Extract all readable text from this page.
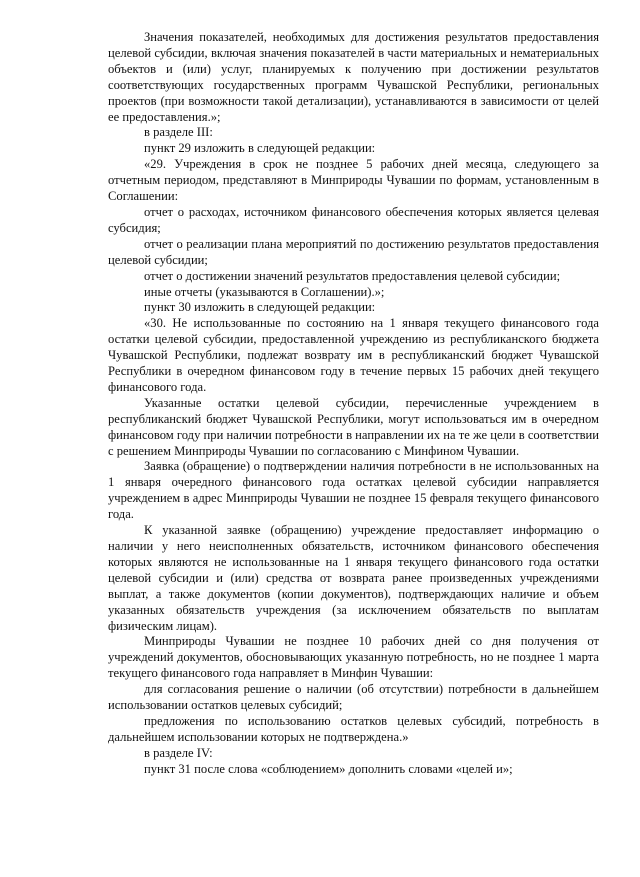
Значения показателей, необходимых для достижения результатов предоставления целевой субсидии, включая значения показателей в части материальных и нематериальных объектов и (или) услуг, планируемых к получению при достижении результатов соответствующих государственных программ Чувашской Республики, региональных проектов (при возможности такой детализации), устанавливаются в зависимости от целей ее предоставления.»;

в разделе III:

пункт 29 изложить в следующей редакции:

«29. Учреждения в срок не позднее 5 рабочих дней месяца, следующего за отчетным периодом, представляют в Минприроды Чувашии по формам, установленным в Соглашении:

отчет о расходах, источником финансового обеспечения которых является целевая субсидия;

отчет о реализации плана мероприятий по достижению результатов предоставления целевой субсидии;

отчет о достижении значений результатов предоставления целевой субсидии;

иные отчеты (указываются в Соглашении).»;

пункт 30 изложить в следующей редакции:

«30. Не использованные по состоянию на 1 января текущего финансового года остатки целевой субсидии, предоставленной учреждению из республиканского бюджета Чувашской Республики, подлежат возврату им в республиканский бюджет Чувашской Республики в очередном финансовом году в течение первых 15 рабочих дней текущего финансового года.

Указанные остатки целевой субсидии, перечисленные учреждением в республиканский бюджет Чувашской Республики, могут использоваться им в очередном финансовом году при наличии потребности в направлении их на те же цели в соответствии с решением Минприроды Чувашии по согласованию с Минфином Чувашии.

Заявка (обращение) о подтверждении наличия потребности в не использованных на 1 января очередного финансового года остатках целевой субсидии направляется учреждением в адрес Минприроды Чувашии не позднее 15 февраля текущего финансового года.

К указанной заявке (обращению) учреждение предоставляет информацию о наличии у него неисполненных обязательств, источником финансового обеспечения которых являются не использованные на 1 января текущего финансового года остатки целевой субсидии и (или) средства от возврата ранее произведенных учреждениями выплат, а также документов (копии документов), подтверждающих наличие и объем указанных обязательств учреждения (за исключением обязательств по выплатам физическим лицам).

Минприроды Чувашии не позднее 10 рабочих дней со дня получения от учреждений документов, обосновывающих указанную потребность, но не позднее 1 марта текущего финансового года направляет в Минфин Чувашии:

для согласования решение о наличии (об отсутствии) потребности в дальнейшем использовании остатков целевых субсидий;

предложения по использованию остатков целевых субсидий, потребность в дальнейшем использовании которых не подтверждена.»

в разделе IV:

пункт 31 после слова «соблюдением» дополнить словами «целей и»;
